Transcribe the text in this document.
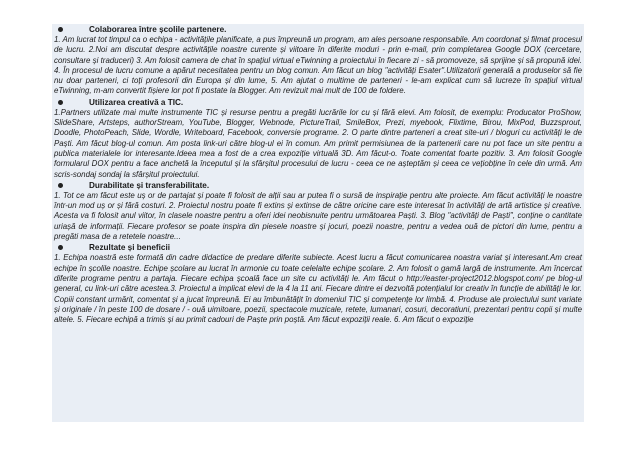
Colaborarea între școlile partenere.

1. Am lucrat tot timpul ca o echipa - activitățile planificate, a pus împreună un program, am ales persoane responsabile. Am coordonat și filmat procesul de lucru. 2.Noi am discutat despre activitățile noastre curente și viitoare în diferite moduri - prin e-mail, prin completarea Google DOX (cercetare, consultare și traduceri) 3. Am folosit camera de chat în spațiul virtual eTwinning a proiectului în fiecare zi - să promoveze, să sprijine și să propună idei. 4. În procesul de lucru comune a apărut necesitatea pentru un blog comun. Am făcut un blog "activități Esater".Utilizatorii generală a produselor să fie nu doar parteneri, ci toți profesorii din Europa și din lume, 5. Am ajutat o multime de parteneri - le-am explicat cum să lucreze în spațiul virtual eTwinning, m-am convertit fișiere lor pot fi postate la Blogger. Am revizuit mai mult de 100 de foldere.

Utilizarea creativă a TIC.

1.Partners utilizate mai multe instrumente TIC și resurse pentru a pregăti lucrările lor cu și fără elevi. Am folosit, de exemplu: Producator ProShow, SlideShare, Artsteps, authorStream, YouTube, Blogger, Webnode, PictureTrail, SmileBox, Prezi, myebook, Flixtime, Birou, MixPod, Buzzsprout, Doodle, PhotoPeach, Slide, Wordle, Writeboard, Facebook, conversie programe. 2. O parte dintre parteneri a creat site-uri / bloguri cu activități le de Paști. Am făcut blog-ul comun. Am posta link-uri către blog-ul ei în comun. Am primit permisiunea de la partenerii care nu pot face un site pentru a publica materialele lor interesante.Ideea mea a fost de a crea expoziție virtuală 3D. Am făcut-o. Toate comentat foarte pozitiv. 3. Am folosit Google formularul DOX pentru a face anchetă la începutul și la sfârșitul procesului de lucru - ceea ce ne așteptăm și ceea ce vețiobține în cele din urmă. Am scris-sondaj sondaj la sfârșitul proiectului.

Durabilitate și transferabilitate.

1. Tot ce am făcut este uș or de partajat și poate fi folosit de alții sau ar putea fi o sursă de inspirație pentru alte proiecte. Am făcut activități le noastre într-un mod uș or și fără costuri. 2. Proiectul nostru poate fi extins și extinse de către oricine care este interesat în activități de artă artistice și creative. Acesta va fi folosit anul viitor, în clasele noastre pentru a oferi idei neobisnuite pentru următoarea Paști. 3. Blog "activități de Paști", conține o cantitate uriașă de informații. Fiecare profesor se poate inspira din piesele noastre și jocuri, poezii noastre, pentru a vedea ouă de pictori din lume, pentru a pregăti masa de a retetele noastre...

Rezultate și beneficii

1. Echipa noastră este formată din cadre didactice de predare diferite subiecte. Acest lucru a făcut comunicarea noastra variat și interesant.Am creat echipe în școlile noastre. Echipe școlare au lucrat în armonie cu toate celelalte echipe școlare. 2. Am folosit o gamă largă de instrumente. Am încercat diferite programe pentru a partaja. Fiecare echipa școală face un site cu activități le. Am făcut o http://easter-project2012.blogspot.com/ pe blog-ul general, cu link-uri către acestea.3. Proiectul a implicat elevi de la 4 la 11 ani. Fiecare dintre ei dezvoltă potențialul lor creativ în funcție de abilități le lor. Copiii constant urmărit, comentat și a jucat împreună. Ei au îmbunătățit în domeniul TIC și competențe lor limbă. 4. Produse ale proiectului sunt variate și originale / în peste 100 de dosare / - ouă uimitoare, poezii, spectacole muzicale, retete, lumanari, cosuri, decoratiuni, prezentari pentru copii și multe altele. 5. Fiecare echipă a trimis și au primit cadouri de Paște prin poștă. Am făcut expoziții reale. 6. Am făcut o expoziție
